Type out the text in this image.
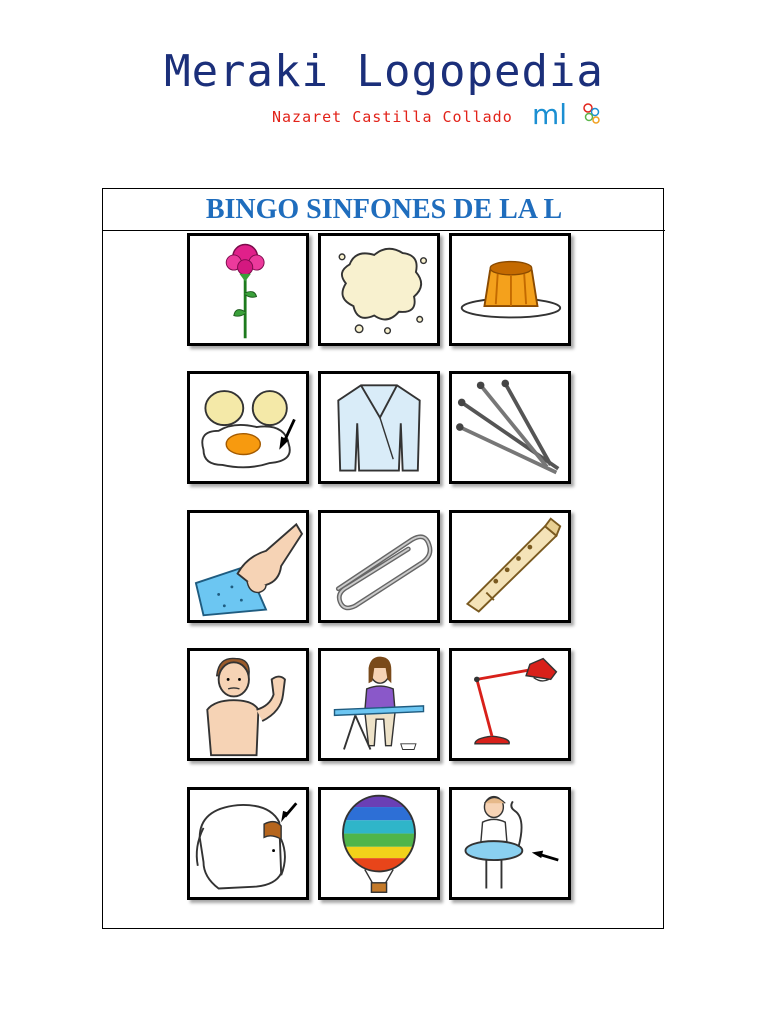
Meraki Logopedia
Nazaret Castilla Collado ml
BINGO SINFONES DE LA L
